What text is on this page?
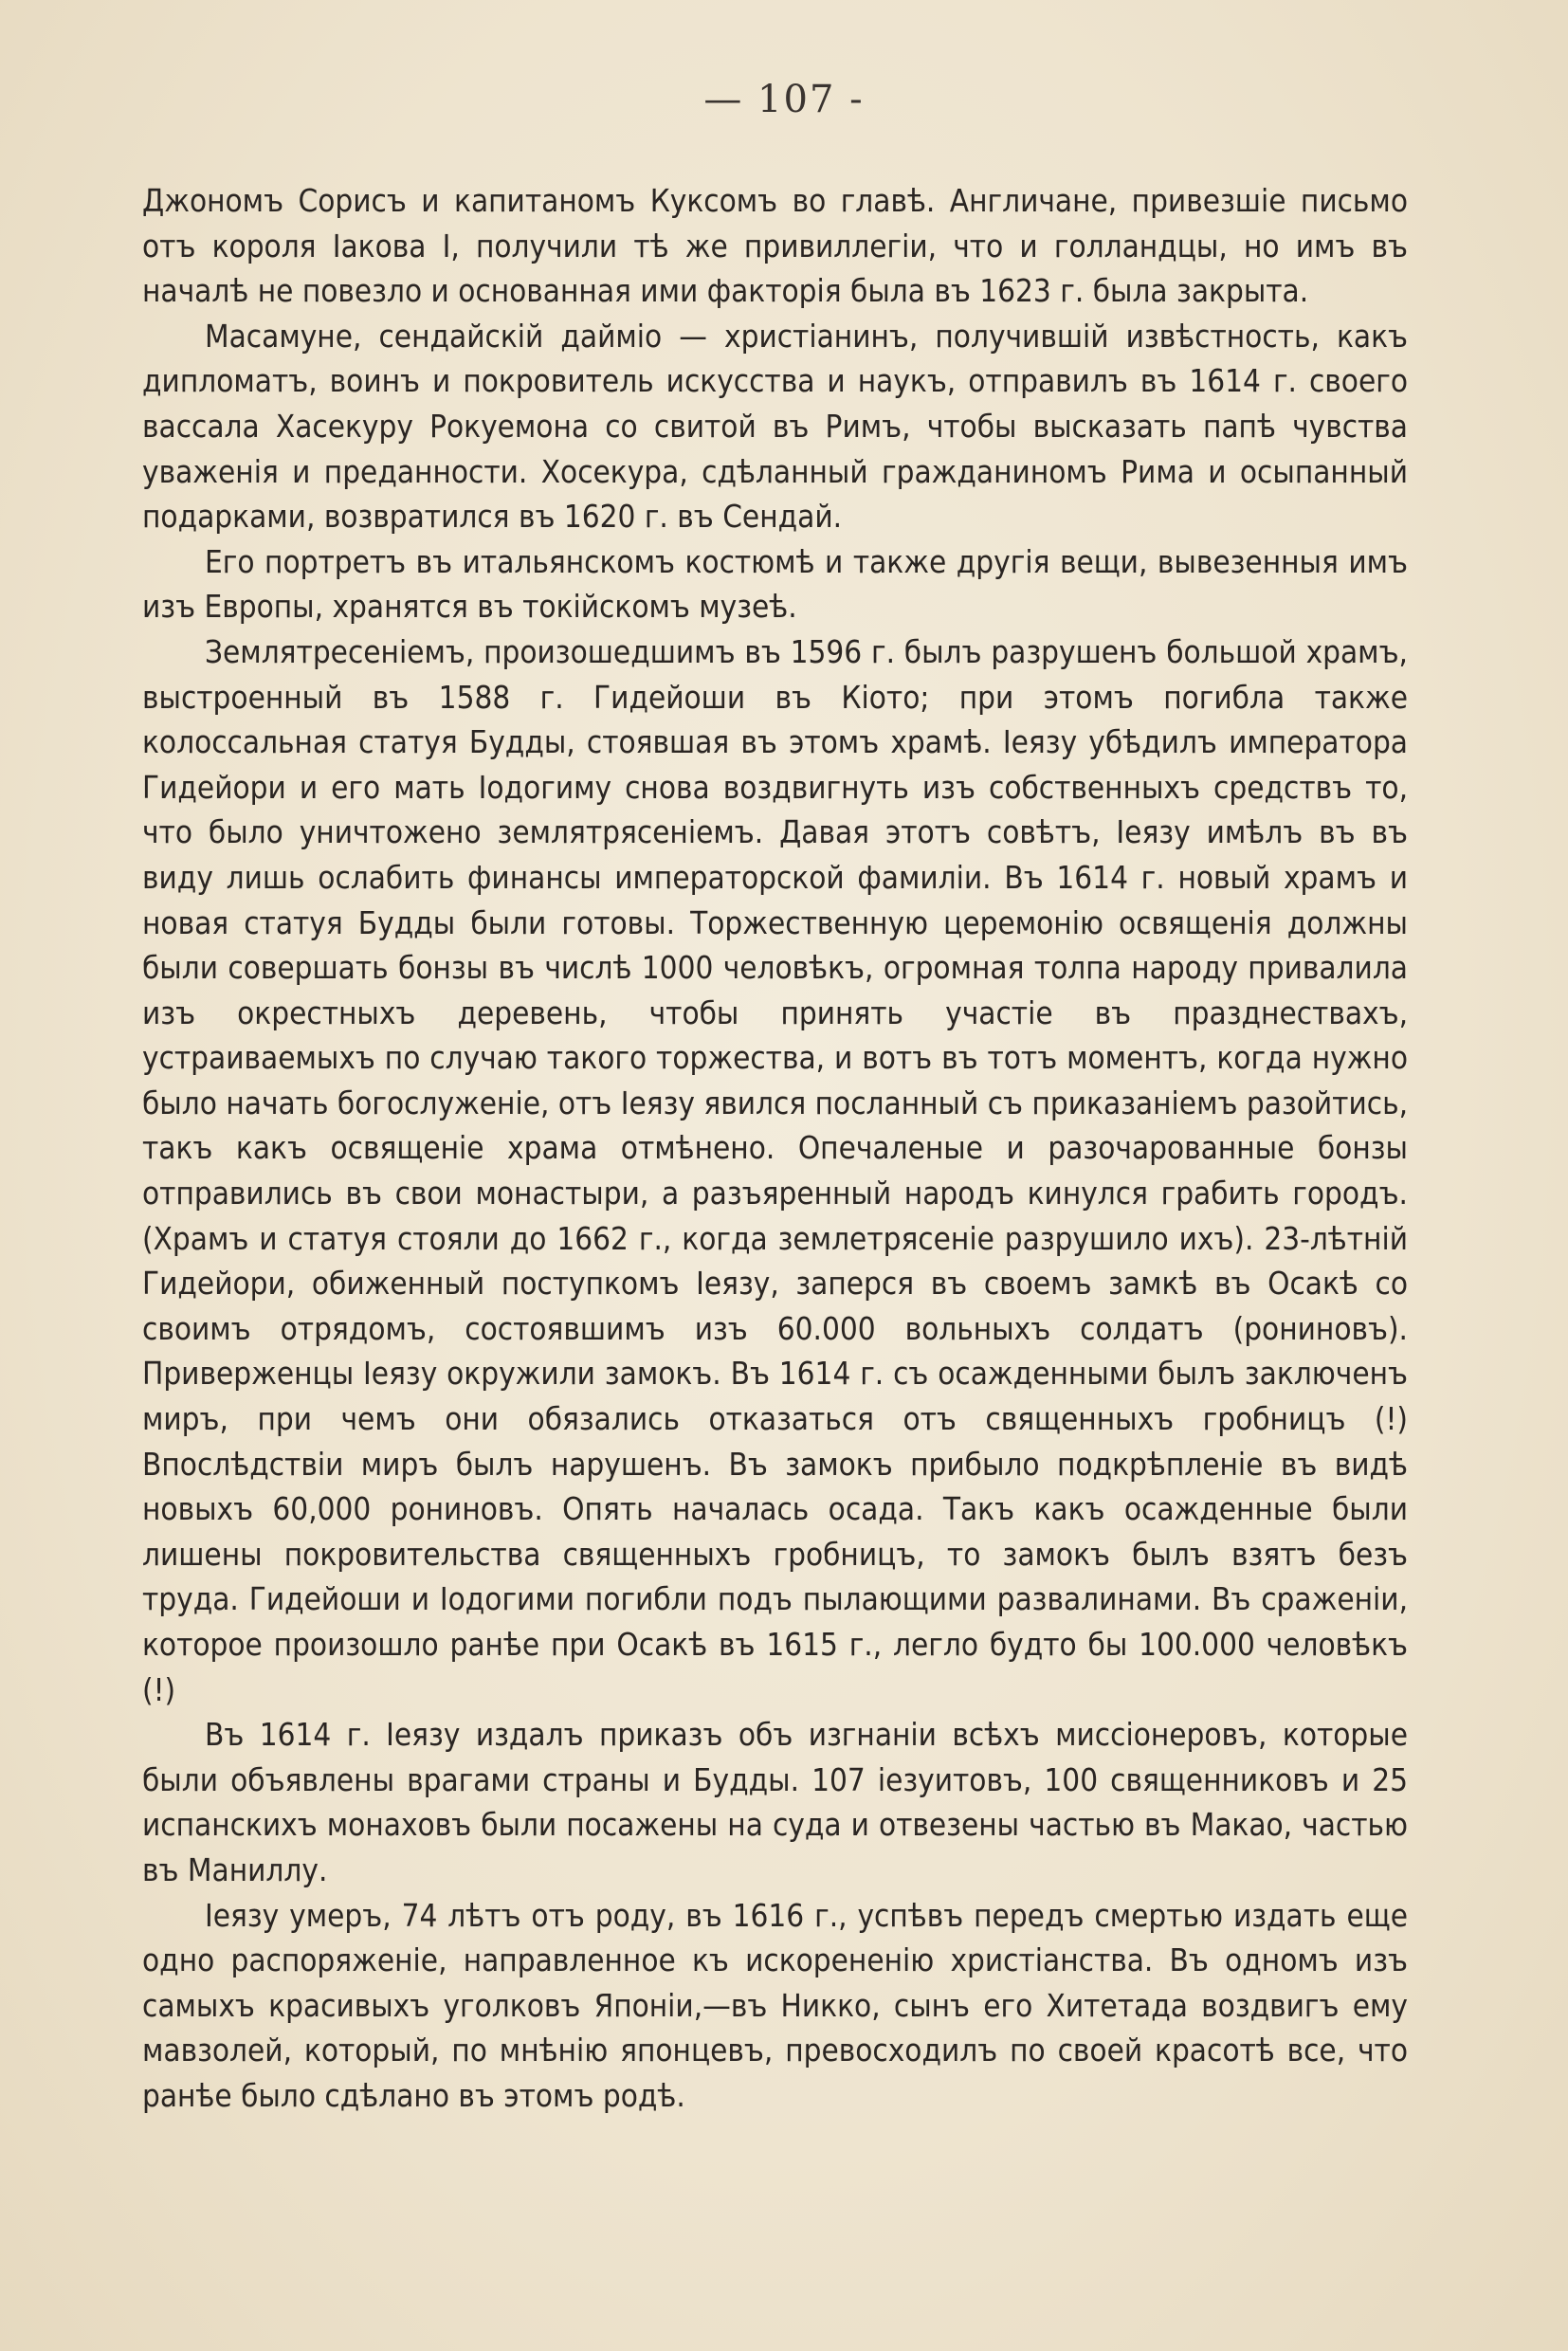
— 107 -

Джономъ Сорисъ и капитаномъ Куксомъ во главѣ. Англичане, привезшіе письмо отъ короля Іакова I, получили тѣ же привиллегіи, что и голландцы, но имъ въ началѣ не повезло и основанная ими факторія была въ 1623 г. была закрыта.

Масамуне, сендайскій даймio — христіанинъ, получившій извѣстность, какъ дипломатъ, воинъ и покровитель искусства и наукъ, отправилъ въ 1614 г. своего вассала Хасекуру Рокуемона со свитой въ Римъ, чтобы высказать папѣ чувства уваженія и преданности. Хосекура, сдѣланный гражданиномъ Рима и осыпанный подарками, возвратился въ 1620 г. въ Сендай.

Его портретъ въ итальянскомъ костюмѣ и также другія вещи, вывезенныя имъ изъ Европы, хранятся въ токійскомъ музеѣ.

Землятресеніемъ, произошедшимъ въ 1596 г. былъ разрушенъ большой храмъ, выстроенный въ 1588 г. Гидейоши въ Кіото; при этомъ погибла также колоссальная статуя Будды, стоявшая въ этомъ храмѣ. Іеязу убѣдилъ императора Гидейори и его мать Іодогиму снова воздвигнуть изъ собственныхъ средствъ то, что было уничтожено землятрясеніемъ. Давая этотъ совѣтъ, Іеязу имѣлъ въ въ виду лишь ослабить финансы императорской фамиліи. Въ 1614 г. новый храмъ и новая статуя Будды были готовы. Торжественную церемонію освященія должны были совершать бонзы въ числѣ 1000 человѣкъ, огромная толпа народу привалила изъ окрестныхъ деревень, чтобы принять участіе въ празднествахъ, устраиваемыхъ по случаю такого торжества, и вотъ въ тотъ моментъ, когда нужно было начать богослуженіе, отъ Іеязу явился посланный съ приказаніемъ разойтись, такъ какъ освященіе храма отмѣнено. Опечаленые и разочарованные бонзы отправились въ свои монастыри, а разъяренный народъ кинулся грабить городъ. (Храмъ и статуя стояли до 1662 г., когда землетрясеніе разрушило ихъ). 23-лѣтній Гидейори, обиженный поступкомъ Іеязу, заперся въ своемъ замкѣ въ Осакѣ со своимъ отрядомъ, состоявшимъ изъ 60.000 вольныхъ солдатъ (рониновъ). Приверженцы Іеязу окружили замокъ. Въ 1614 г. съ осажденными былъ заключенъ миръ, при чемъ они обязались отказаться отъ священныхъ гробницъ (!) Впослѣдствіи миръ былъ нарушенъ. Въ замокъ прибыло подкрѣпленіе въ видѣ новыхъ 60,000 рониновъ. Опять началась осада. Такъ какъ осажденные были лишены покровительства священныхъ гробницъ, то замокъ былъ взятъ безъ труда. Гидейоши и Іодогими погибли подъ пылающими развалинами. Въ сраженіи, которое произошло ранѣе при Осакѣ въ 1615 г., легло будто бы 100.000 человѣкъ (!)

Въ 1614 г. Іеязу издалъ приказъ объ изгнаніи всѣхъ миссіонеровъ, которые были объявлены врагами страны и Будды. 107 іезуитовъ, 100 священниковъ и 25 испанскихъ монаховъ были посажены на суда и отвезены частью въ Макао, частью въ Маниллу.

Іеязу умеръ, 74 лѣтъ отъ роду, въ 1616 г., успѣвъ передъ смертью издать еще одно распоряженіе, направленное къ искорененію христіанства. Въ одномъ изъ самыхъ красивыхъ уголковъ Японіи,—въ Никко, сынъ его Хитетада воздвигъ ему мавзолей, который, по мнѣнію японцевъ, превосходилъ по своей красотѣ все, что ранѣе было сдѣлано въ этомъ родѣ.
